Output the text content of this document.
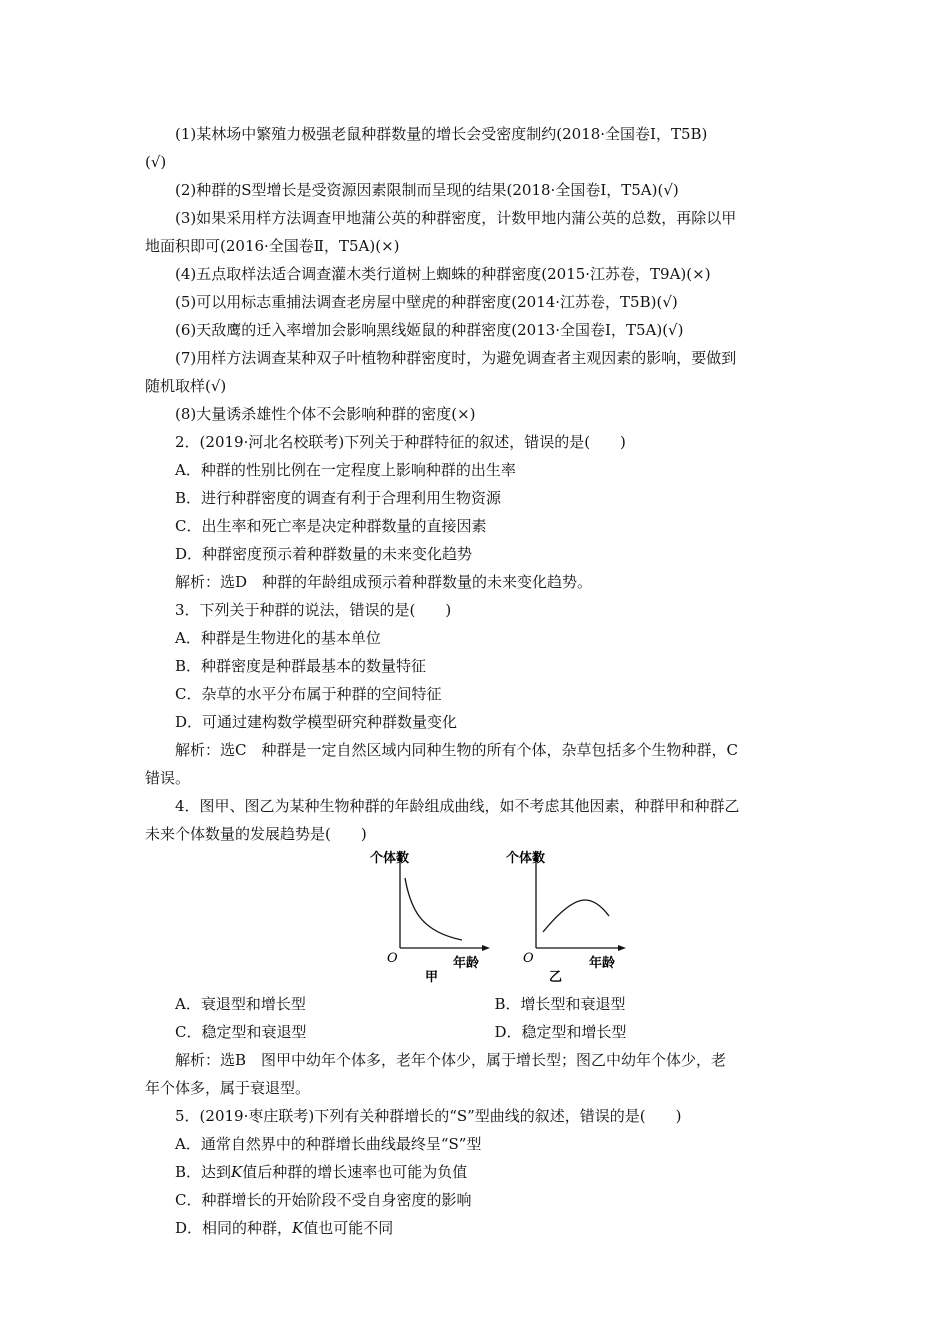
(1)某林场中繁殖力极强老鼠种群数量的增长会受密度制约(2018·全国卷Ⅰ，T5B)
(√)
(2)种群的S型增长是受资源因素限制而呈现的结果(2018·全国卷Ⅰ，T5A)(√)
(3)如果采用样方法调查甲地蒲公英的种群密度，计数甲地内蒲公英的总数，再除以甲
地面积即可(2016·全国卷Ⅱ，T5A)(×)
(4)五点取样法适合调查灌木类行道树上蜘蛛的种群密度(2015·江苏卷，T9A)(×)
(5)可以用标志重捕法调查老房屋中壁虎的种群密度(2014·江苏卷，T5B)(√)
(6)天敌鹰的迁入率增加会影响黑线姬鼠的种群密度(2013·全国卷Ⅰ，T5A)(√)
(7)用样方法调查某种双子叶植物种群密度时，为避免调查者主观因素的影响，要做到
随机取样(√)
(8)大量诱杀雄性个体不会影响种群的密度(×)
2．(2019·河北名校联考)下列关于种群特征的叙述，错误的是(　　)
A．种群的性别比例在一定程度上影响种群的出生率
B．进行种群密度的调查有利于合理利用生物资源
C．出生率和死亡率是决定种群数量的直接因素
D．种群密度预示着种群数量的未来变化趋势
解析：选D　种群的年龄组成预示着种群数量的未来变化趋势。
3．下列关于种群的说法，错误的是(　　)
A．种群是生物进化的基本单位
B．种群密度是种群最基本的数量特征
C．杂草的水平分布属于种群的空间特征
D．可通过建构数学模型研究种群数量变化
解析：选C　种群是一定自然区域内同种生物的所有个体，杂草包括多个生物种群，C
错误。
4．图甲、图乙为某种生物种群的年龄组成曲线，如不考虑其他因素，种群甲和种群乙
未来个体数量的发展趋势是(　　)
个体数
O	年龄
甲
个体数
O	年龄
乙
A．衰退型和增长型	B．增长型和衰退型
C．稳定型和衰退型	D．稳定型和增长型
解析：选B　图甲中幼年个体多，老年个体少，属于增长型；图乙中幼年个体少，老
年个体多，属于衰退型。
5．(2019·枣庄联考)下列有关种群增长的“S”型曲线的叙述，错误的是(　　)
A．通常自然界中的种群增长曲线最终呈“S”型
B．达到K值后种群的增长速率也可能为负值
C．种群增长的开始阶段不受自身密度的影响
D．相同的种群，K值也可能不同
